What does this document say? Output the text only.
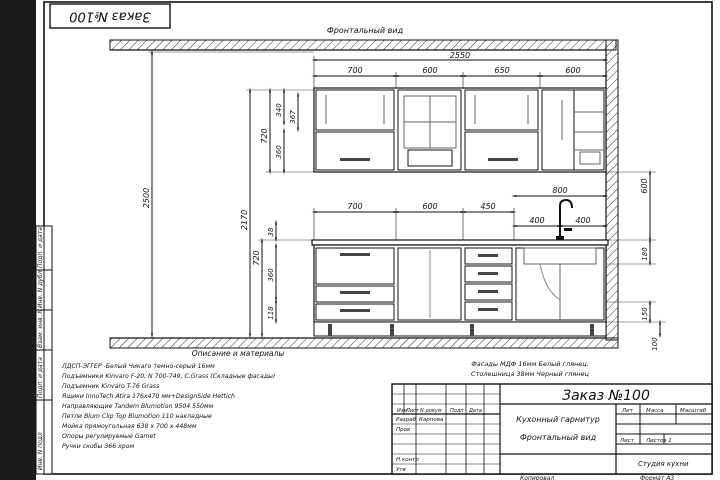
Подп. и дата
Инв. N дубл.
Взам. инв. N
Подп. и дата
Инв. N подл
Заказ №100
Фронтальный вид
2550
700	600	650	600
2500
2170
720
340
360
367
700	600	450
800
400	400
720
38
360
118
600
180
150
100
Описание и материалы
ЛДСП-ЭГГЕР -Белый Чикаго темно-серый 16мм
Подъемники Kinvaro F-20, N 700-749, C.Grass (Складные фасады)
Подъемник Kinvaro T-76 Grass
Ящики InnoTech Atira 176x470 мм+DesignSide Hettich
Направляющие Tandem Blumotion 9504 550мм
Петли Blum Clip Top Blumotion 110 накладные
Мойка прямоугольная 638 x 700 x 448мм
Опоры регулируемые Gamet
Ручки скобы 366 хром
Фасады МДФ 16мм Белый глянец.
Столешница 38мм Черный глянец
Изм
Лист N докум Подп Дата
Разраб Карпова
Пров
Н.контр
Утв
Заказ №100
Кухонный гарнитур
Фронтальный вид
Лит Масса	Масштаб
Лист Листов 1
Студия кухни
Копировал	Формат А3
